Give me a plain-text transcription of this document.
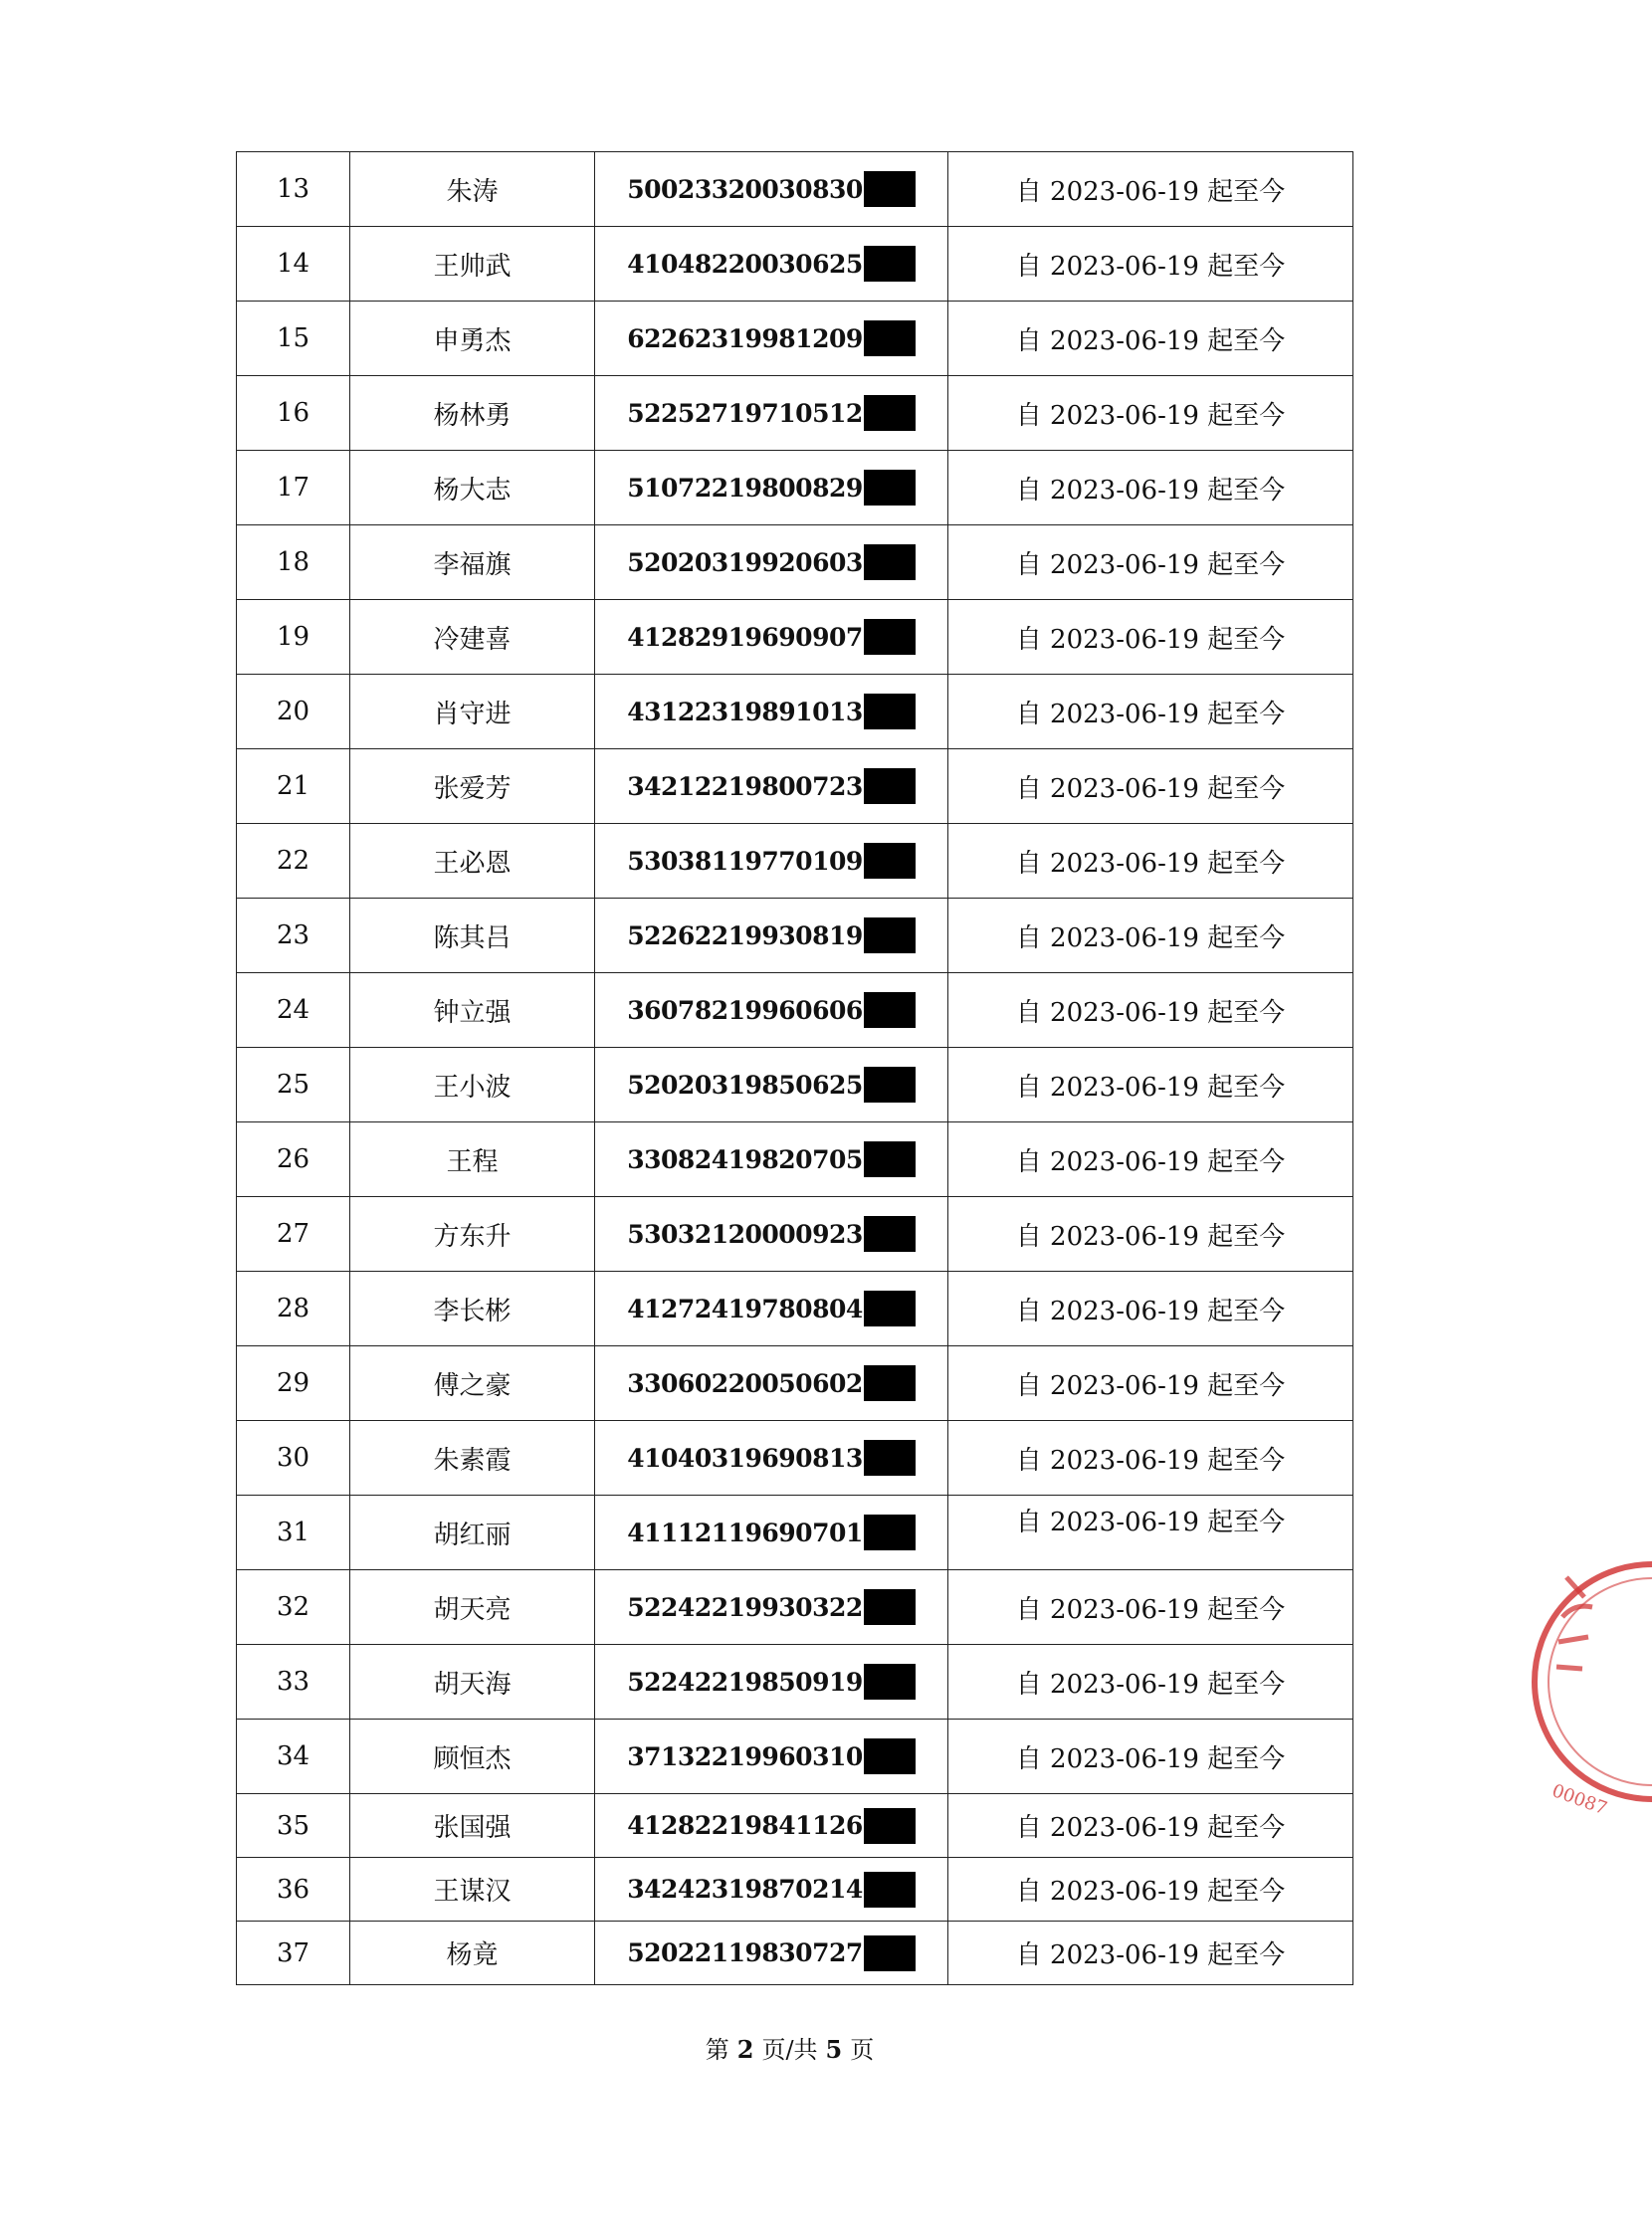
13	朱涛	50023320030830	自 2023-06-19 起至今
14	王帅武	41048220030625	自 2023-06-19 起至今
15	申勇杰	62262319981209	自 2023-06-19 起至今
16	杨林勇	52252719710512	自 2023-06-19 起至今
17	杨大志	51072219800829	自 2023-06-19 起至今
18	李福旗	52020319920603	自 2023-06-19 起至今
19	冷建喜	41282919690907	自 2023-06-19 起至今
20	肖守进	43122319891013	自 2023-06-19 起至今
21	张爱芳	34212219800723	自 2023-06-19 起至今
22	王必恩	53038119770109	自 2023-06-19 起至今
23	陈其吕	52262219930819	自 2023-06-19 起至今
24	钟立强	36078219960606	自 2023-06-19 起至今
25	王小波	52020319850625	自 2023-06-19 起至今
26	王程	33082419820705	自 2023-06-19 起至今
27	方东升	53032120000923	自 2023-06-19 起至今
28	李长彬	41272419780804	自 2023-06-19 起至今
29	傅之豪	33060220050602	自 2023-06-19 起至今
30	朱素霞	41040319690813	自 2023-06-19 起至今
31	胡红丽	41112119690701	自 2023-06-19 起至今
32	胡天亮	52242219930322	自 2023-06-19 起至今
33	胡天海	52242219850919	自 2023-06-19 起至今
34	顾恒杰	37132219960310	自 2023-06-19 起至今
35	张国强	41282219841126	自 2023-06-19 起至今
36	王谋汉	34242319870214	自 2023-06-19 起至今
37	杨竟	52022119830727	自 2023-06-19 起至今
第 2 页/共 5 页
00087
